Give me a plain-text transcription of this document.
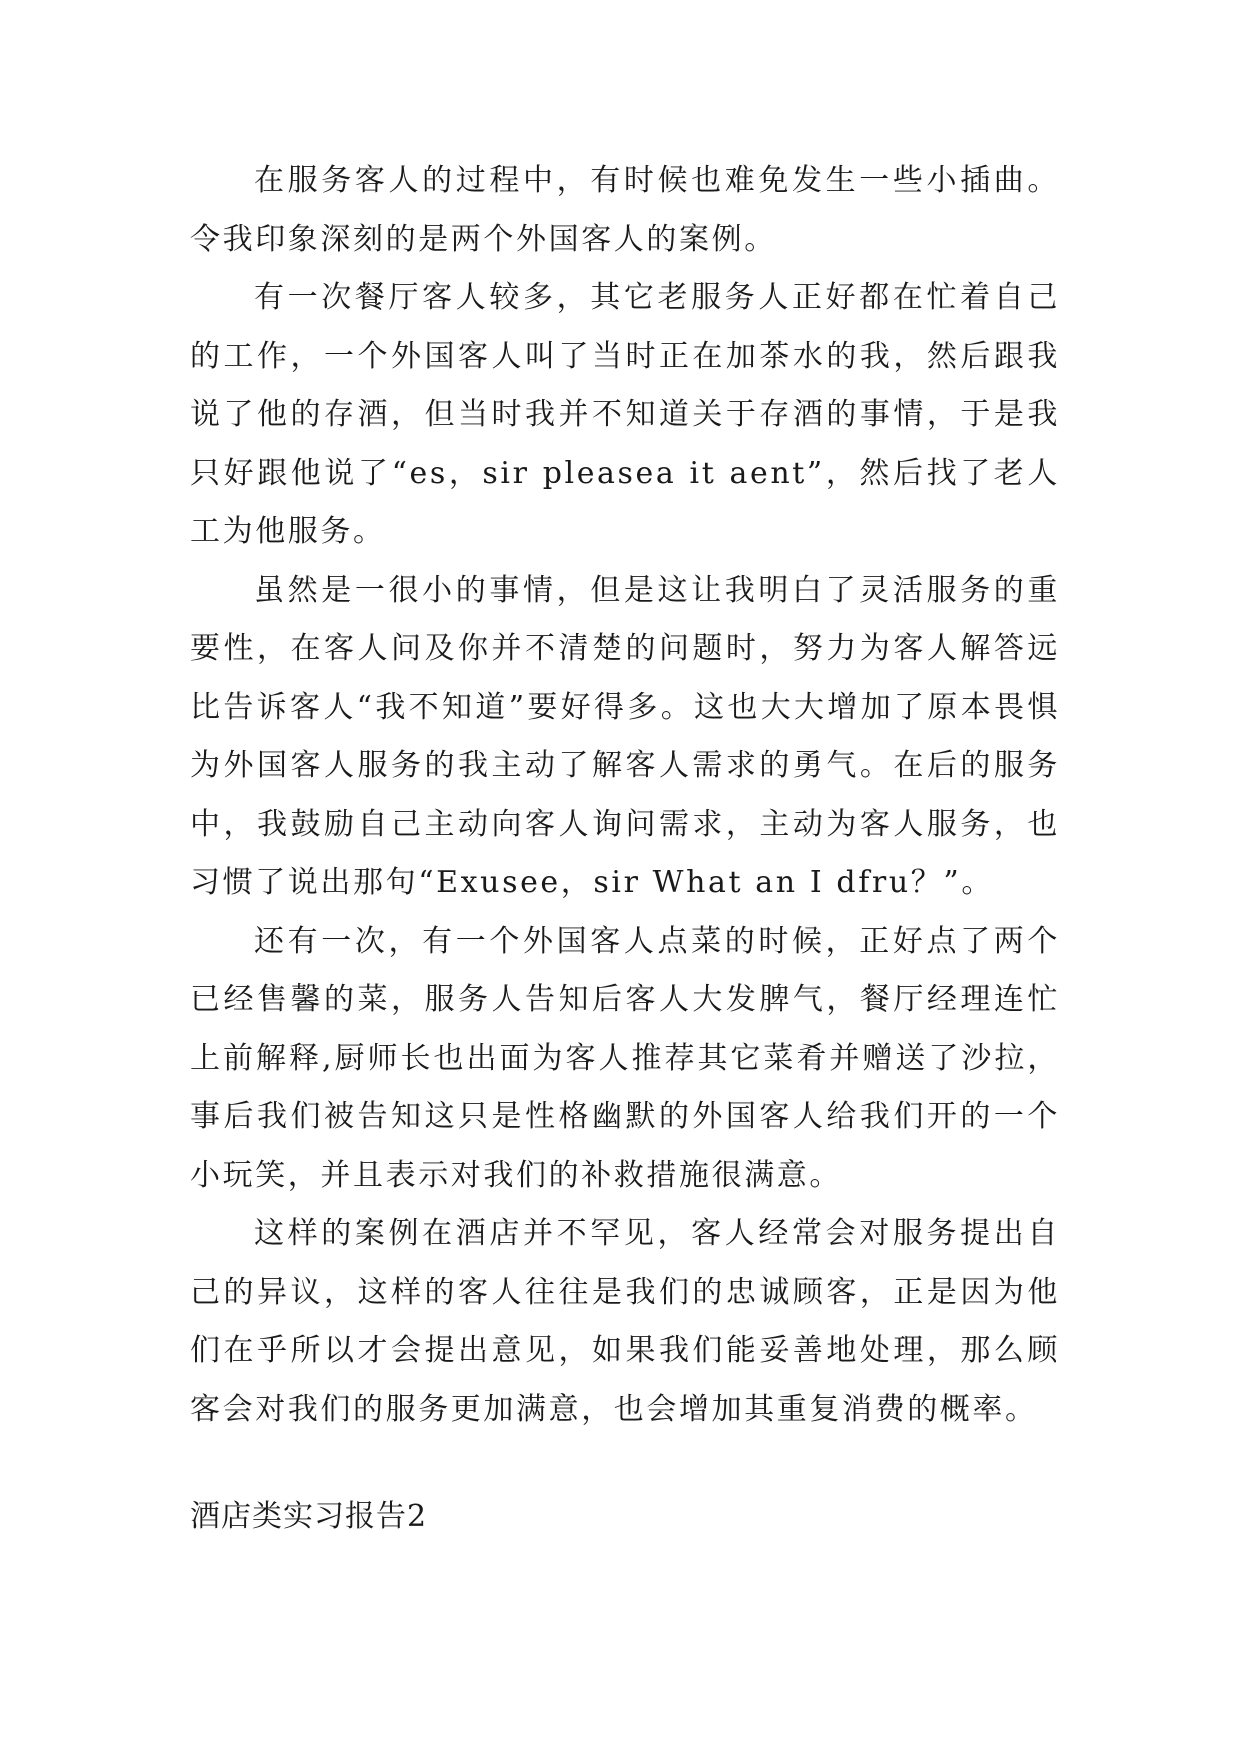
在服务客人的过程中，有时候也难免发生一些小插曲。令我印象深刻的是两个外国客人的案例。

有一次餐厅客人较多，其它老服务人正好都在忙着自己的工作，一个外国客人叫了当时正在加茶水的我，然后跟我说了他的存酒，但当时我并不知道关于存酒的事情，于是我只好跟他说了“es，sir pleasea it aent”，然后找了老人工为他服务。

虽然是一很小的事情，但是这让我明白了灵活服务的重要性，在客人问及你并不清楚的问题时，努力为客人解答远比告诉客人“我不知道”要好得多。这也大大增加了原本畏惧为外国客人服务的我主动了解客人需求的勇气。在后的服务中，我鼓励自己主动向客人询问需求，主动为客人服务，也习惯了说出那句“Exusee，sir What an I dfru？”。

还有一次，有一个外国客人点菜的时候，正好点了两个已经售馨的菜，服务人告知后客人大发脾气，餐厅经理连忙上前解释,厨师长也出面为客人推荐其它菜肴并赠送了沙拉，事后我们被告知这只是性格幽默的外国客人给我们开的一个小玩笑，并且表示对我们的补救措施很满意。

这样的案例在酒店并不罕见，客人经常会对服务提出自己的异议，这样的客人往往是我们的忠诚顾客，正是因为他们在乎所以才会提出意见，如果我们能妥善地处理，那么顾客会对我们的服务更加满意，也会增加其重复消费的概率。

酒店类实习报告2
